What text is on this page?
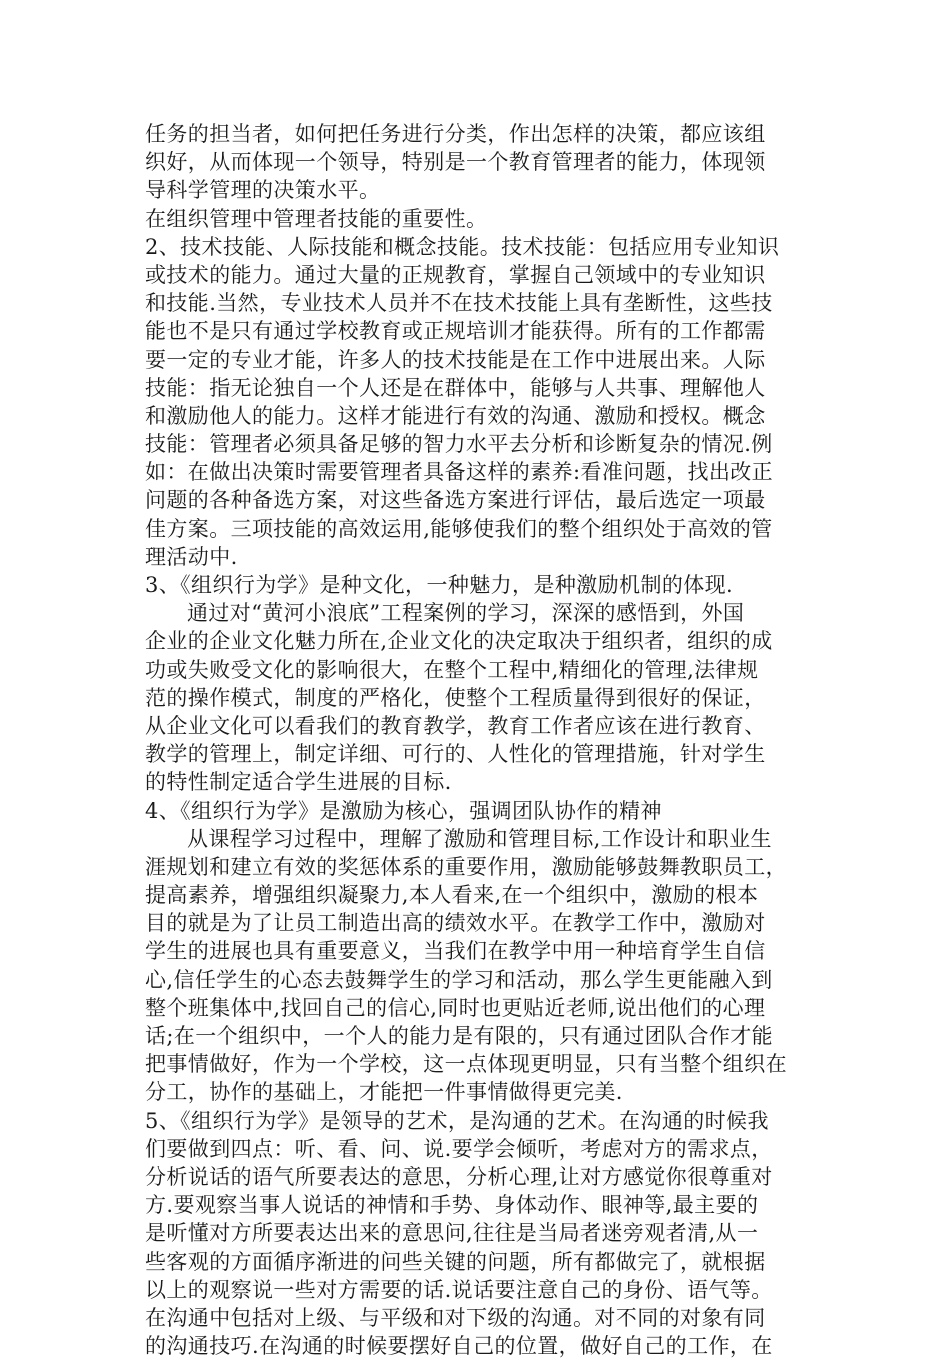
任务的担当者，如何把任务进行分类，作出怎样的决策，都应该组
织好，从而体现一个领导，特别是一个教育管理者的能力，体现领
导科学管理的决策水平。
在组织管理中管理者技能的重要性。
2、技术技能、人际技能和概念技能。技术技能：包括应用专业知识
或技术的能力。通过大量的正规教育，掌握自己领域中的专业知识
和技能.当然，专业技术人员并不在技术技能上具有垄断性，这些技
能也不是只有通过学校教育或正规培训才能获得。所有的工作都需
要一定的专业才能，许多人的技术技能是在工作中进展出来。人际
技能：指无论独自一个人还是在群体中，能够与人共事、理解他人
和激励他人的能力。这样才能进行有效的沟通、激励和授权。概念
技能：管理者必须具备足够的智力水平去分析和诊断复杂的情况.例
如：在做出决策时需要管理者具备这样的素养:看准问题，找出改正
问题的各种备选方案，对这些备选方案进行评估，最后选定一项最
佳方案。三项技能的高效运用,能够使我们的整个组织处于高效的管
理活动中.
3、《组织行为学》是种文化，一种魅力，是种激励机制的体现.
通过对“黄河小浪底”工程案例的学习，深深的感悟到，外国
企业的企业文化魅力所在,企业文化的决定取决于组织者，组织的成
功或失败受文化的影响很大，在整个工程中,精细化的管理,法律规
范的操作模式，制度的严格化，使整个工程质量得到很好的保证，
从企业文化可以看我们的教育教学，教育工作者应该在进行教育、
教学的管理上，制定详细、可行的、人性化的管理措施，针对学生
的特性制定适合学生进展的目标.
4、《组织行为学》是激励为核心，强调团队协作的精神
从课程学习过程中，理解了激励和管理目标,工作设计和职业生
涯规划和建立有效的奖惩体系的重要作用，激励能够鼓舞教职员工，
提高素养，增强组织凝聚力,本人看来,在一个组织中，激励的根本
目的就是为了让员工制造出高的绩效水平。在教学工作中，激励对
学生的进展也具有重要意义，当我们在教学中用一种培育学生自信
心,信任学生的心态去鼓舞学生的学习和活动，那么学生更能融入到
整个班集体中,找回自己的信心,同时也更贴近老师,说出他们的心理
话;在一个组织中，一个人的能力是有限的，只有通过团队合作才能
把事情做好，作为一个学校，这一点体现更明显，只有当整个组织在
分工，协作的基础上，才能把一件事情做得更完美.
5、《组织行为学》是领导的艺术，是沟通的艺术。在沟通的时候我
们要做到四点：听、看、问、说.要学会倾听，考虑对方的需求点，
分析说话的语气所要表达的意思，分析心理,让对方感觉你很尊重对
方.要观察当事人说话的神情和手势、身体动作、眼神等,最主要的
是听懂对方所要表达出来的意思问,往往是当局者迷旁观者清,从一
些客观的方面循序渐进的问些关键的问题，所有都做完了，就根据
以上的观察说一些对方需要的话.说话要注意自己的身份、语气等。
在沟通中包括对上级、与平级和对下级的沟通。对不同的对象有同
的沟通技巧.在沟通的时候要摆好自己的位置，做好自己的工作，在
